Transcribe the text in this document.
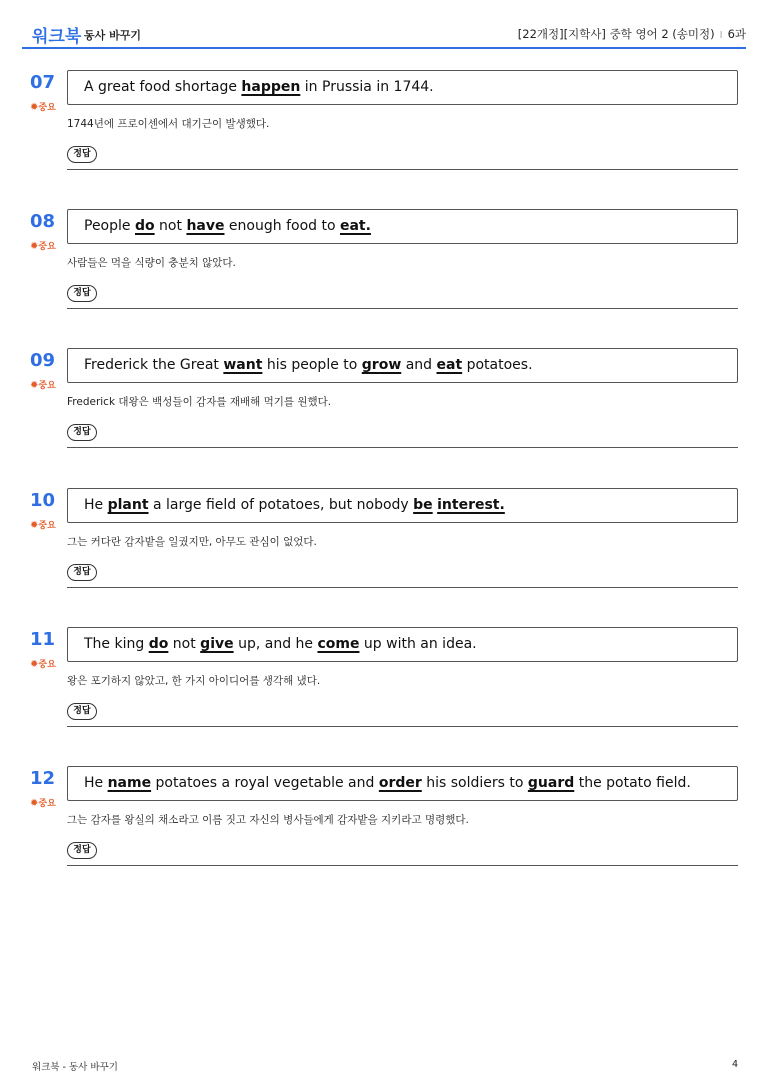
워크북 동사 바꾸기	[22개정][지학사] 중학 영어 2 (송미정) I 6과
07
✹중요
A great food shortage happen in Prussia in 1744.
1744년에 프로이센에서 대기근이 발생했다.
정답
08
✹중요
People do not have enough food to eat.
사람들은 먹을 식량이 충분치 않았다.
정답
09
✹중요
Frederick the Great want his people to grow and eat potatoes.
Frederick 대왕은 백성들이 감자를 재배해 먹기를 원했다.
정답
10
✹중요
He plant a large field of potatoes, but nobody be interest.
그는 커다란 감자밭을 일궜지만, 아무도 관심이 없었다.
정답
11
✹중요
The king do not give up, and he come up with an idea.
왕은 포기하지 않았고, 한 가지 아이디어를 생각해 냈다.
정답
12
✹중요
He name potatoes a royal vegetable and order his soldiers to guard the potato field.
그는 감자를 왕실의 채소라고 이름 짓고 자신의 병사들에게 감자밭을 지키라고 명령했다.
정답
워크북 - 동사 바꾸기	4
